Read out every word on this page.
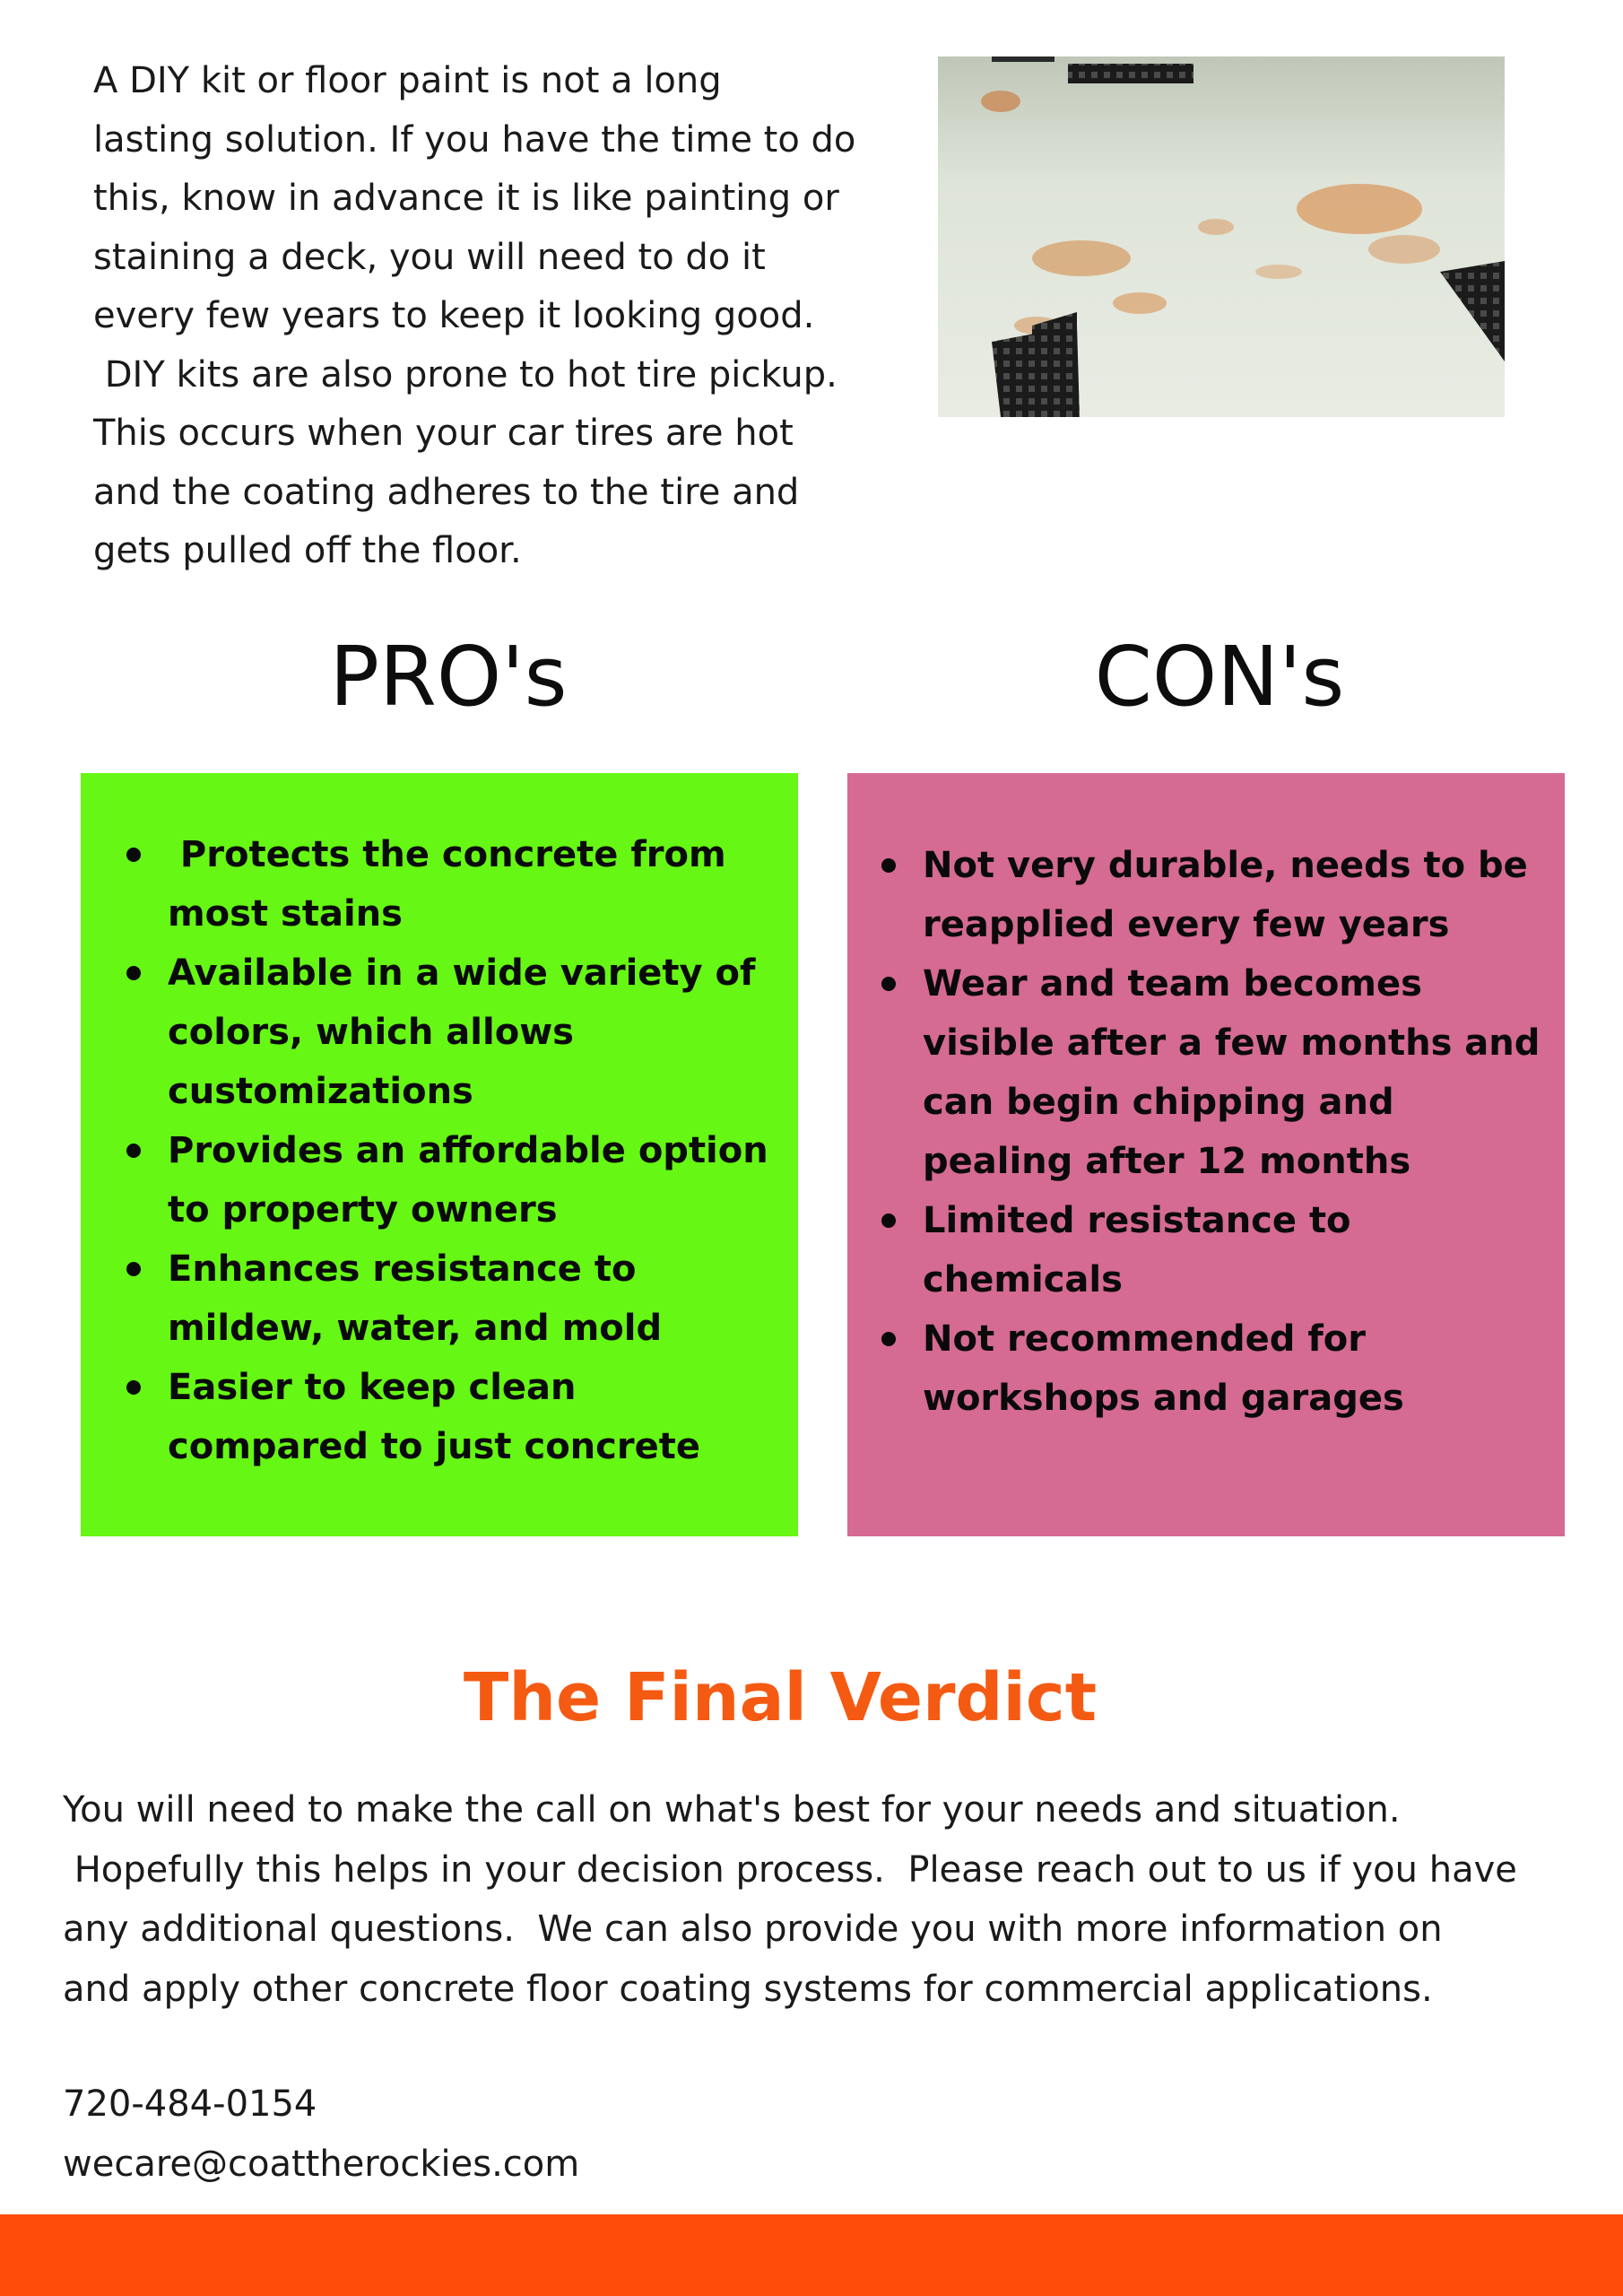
A DIY kit or floor paint is not a long
lasting solution. If you have the time to do
this, know in advance it is like painting or
staining a deck, you will need to do it
every few years to keep it looking good.
DIY kits are also prone to hot tire pickup.
This occurs when your car tires are hot
and the coating adheres to the tire and
gets pulled off the floor.
PRO's	CON's
Protects the concrete from
most stains
Available in a wide variety of
colors, which allows
customizations
Provides an affordable option
to property owners
Enhances resistance to
mildew, water, and mold
Easier to keep clean
compared to just concrete
Not very durable, needs to be
reapplied every few years
Wear and team becomes
visible after a few months and
can begin chipping and
pealing after 12 months
Limited resistance to
chemicals
Not recommended for
workshops and garages
The Final Verdict
You will need to make the call on what's best for your needs and situation.
Hopefully this helps in your decision process.  Please reach out to us if you have
any additional questions.  We can also provide you with more information on
and apply other concrete floor coating systems for commercial applications.
720-484-0154
wecare@coattherockies.com
